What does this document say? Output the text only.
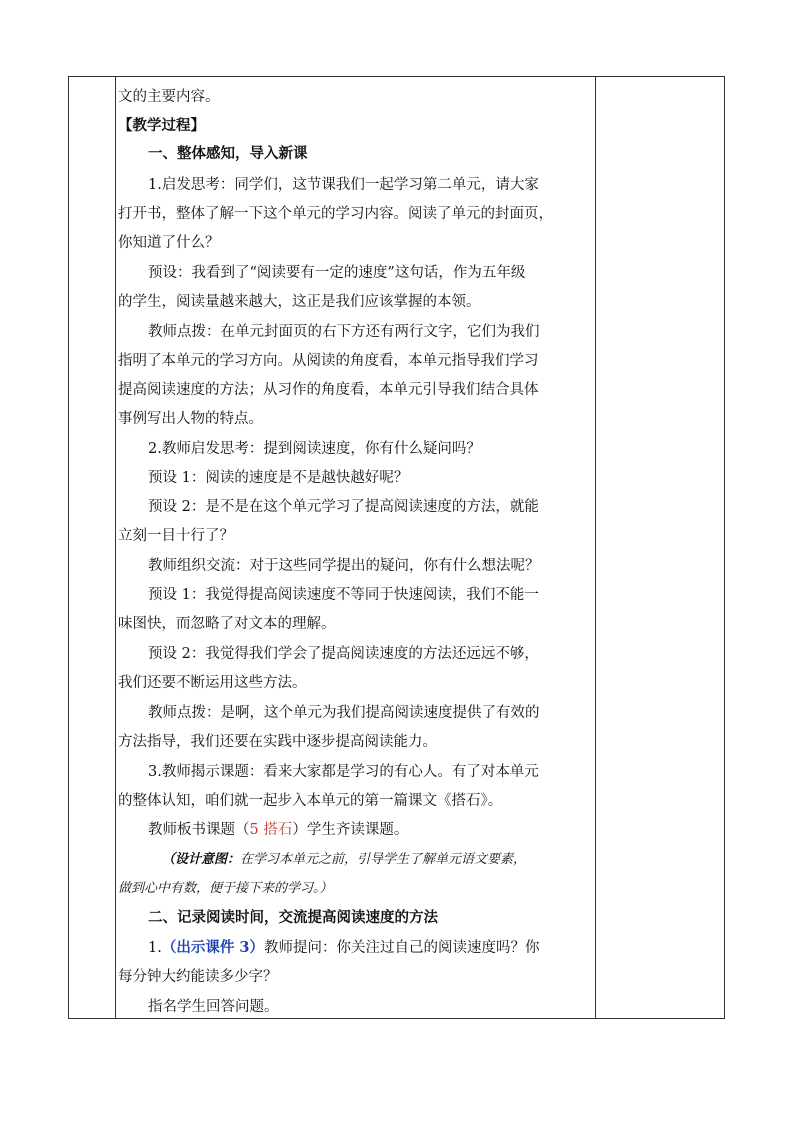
文的主要内容。
【教学过程】
一、整体感知，导入新课
1.启发思考：同学们，这节课我们一起学习第二单元，请大家
打开书，整体了解一下这个单元的学习内容。阅读了单元的封面页，
你知道了什么？
预设：我看到了“阅读要有一定的速度”这句话，作为五年级
的学生，阅读量越来越大，这正是我们应该掌握的本领。
教师点拨：在单元封面页的右下方还有两行文字，它们为我们
指明了本单元的学习方向。从阅读的角度看，本单元指导我们学习
提高阅读速度的方法；从习作的角度看，本单元引导我们结合具体
事例写出人物的特点。
2.教师启发思考：提到阅读速度，你有什么疑问吗？
预设 1：阅读的速度是不是越快越好呢？
预设 2：是不是在这个单元学习了提高阅读速度的方法，就能
立刻一目十行了？
教师组织交流：对于这些同学提出的疑问，你有什么想法呢？
预设 1：我觉得提高阅读速度不等同于快速阅读，我们不能一
味图快，而忽略了对文本的理解。
预设 2：我觉得我们学会了提高阅读速度的方法还远远不够，
我们还要不断运用这些方法。
教师点拨：是啊，这个单元为我们提高阅读速度提供了有效的
方法指导，我们还要在实践中逐步提高阅读能力。
3.教师揭示课题：看来大家都是学习的有心人。有了对本单元
的整体认知，咱们就一起步入本单元的第一篇课文《搭石》。
教师板书课题（5 搭石）学生齐读课题。
（设计意图：在学习本单元之前，引导学生了解单元语文要素，
做到心中有数，便于接下来的学习。）
二、记录阅读时间，交流提高阅读速度的方法
1.（出示课件 3）教师提问：你关注过自己的阅读速度吗？你
每分钟大约能读多少字？
指名学生回答问题。
